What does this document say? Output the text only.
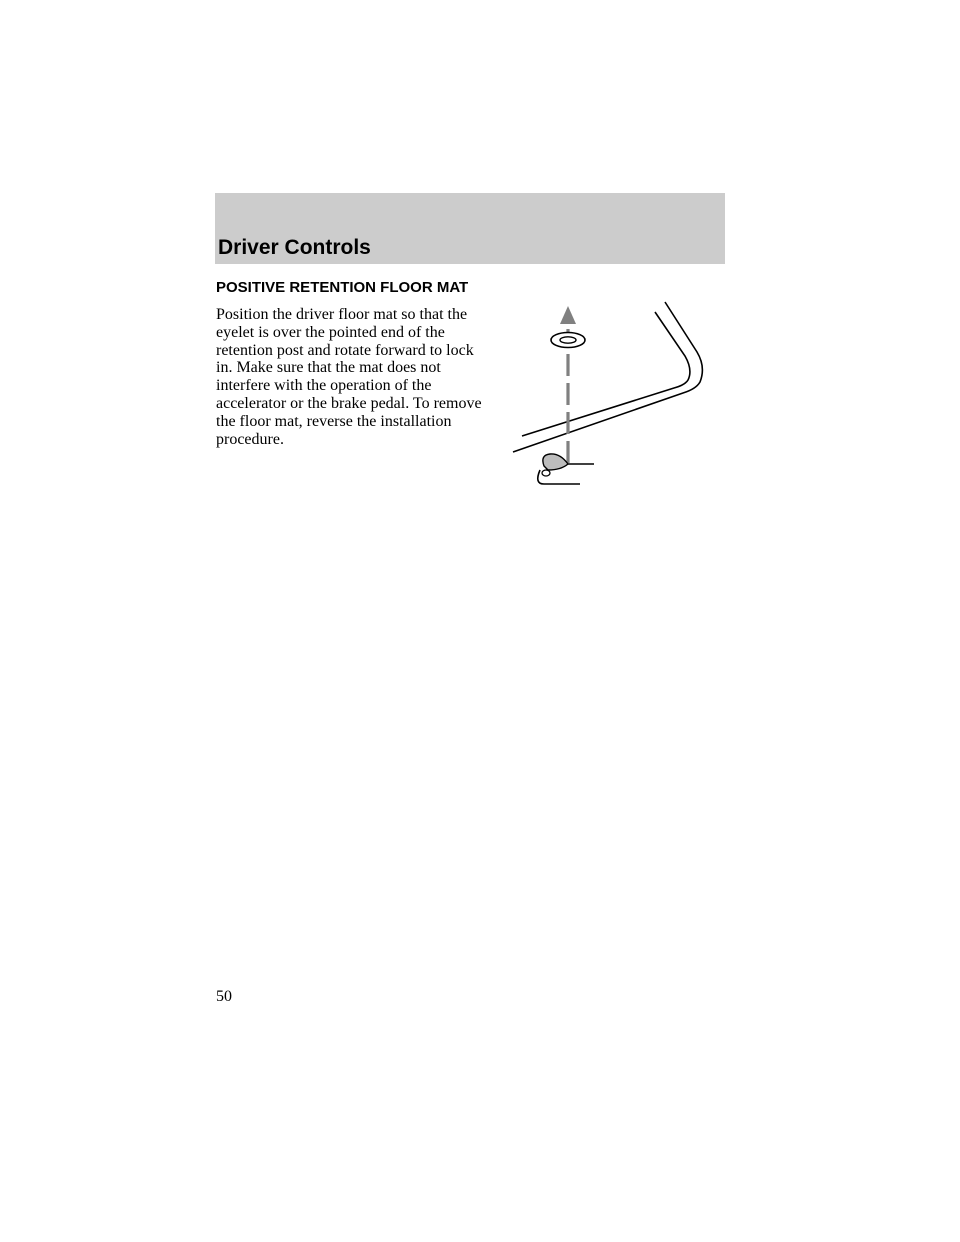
Driver Controls
POSITIVE RETENTION FLOOR MAT

Position the driver floor mat so that the eyelet is over the pointed end of the retention post and rotate forward to lock in. Make sure that the mat does not interfere with the operation of the accelerator or the brake pedal. To remove the floor mat, reverse the installation procedure.

50
